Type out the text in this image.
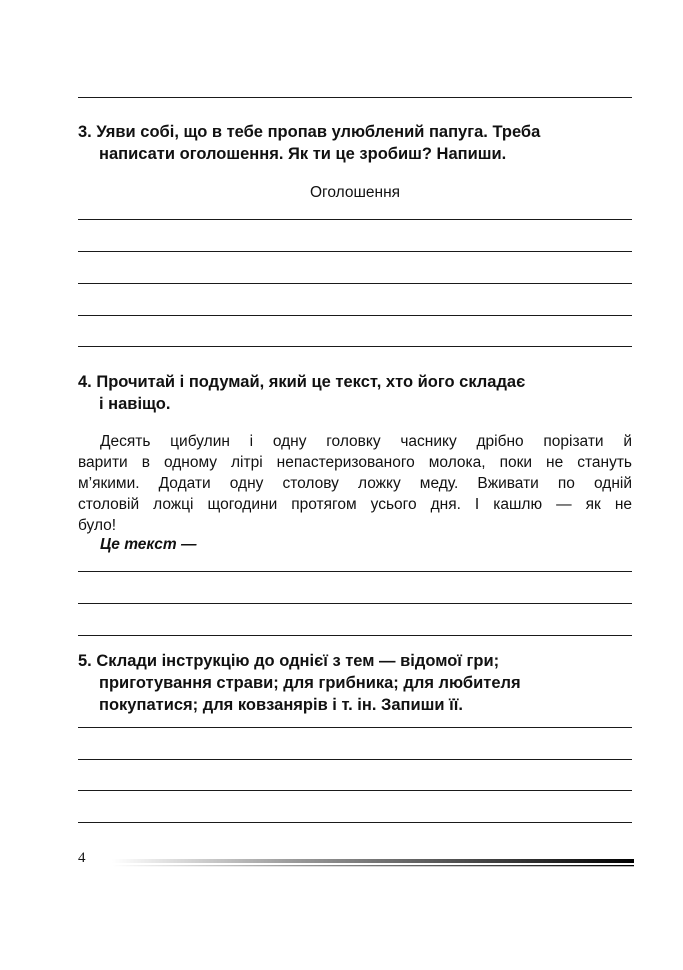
3. Уяви собі, що в тебе пропав улюблений папуга. Треба
написати оголошення. Як ти це зробиш? Напиши.
Оголошення
4. Прочитай і подумай, який це текст, хто його складає
і навіщо.
Десять цибулин і одну головку часнику дрібно порізати й
варити в одному літрі непастеризованого молока, поки не стануть
м’якими. Додати одну столову ложку меду. Вживати по одній
столовій ложці щогодини протягом усього дня. І кашлю — як не
було!
Це текст —
5. Склади інструкцію до однієї з тем — відомої гри;
приготування страви; для грибника; для любителя
покупатися; для ковзанярів і т. ін. Запиши її.
4
